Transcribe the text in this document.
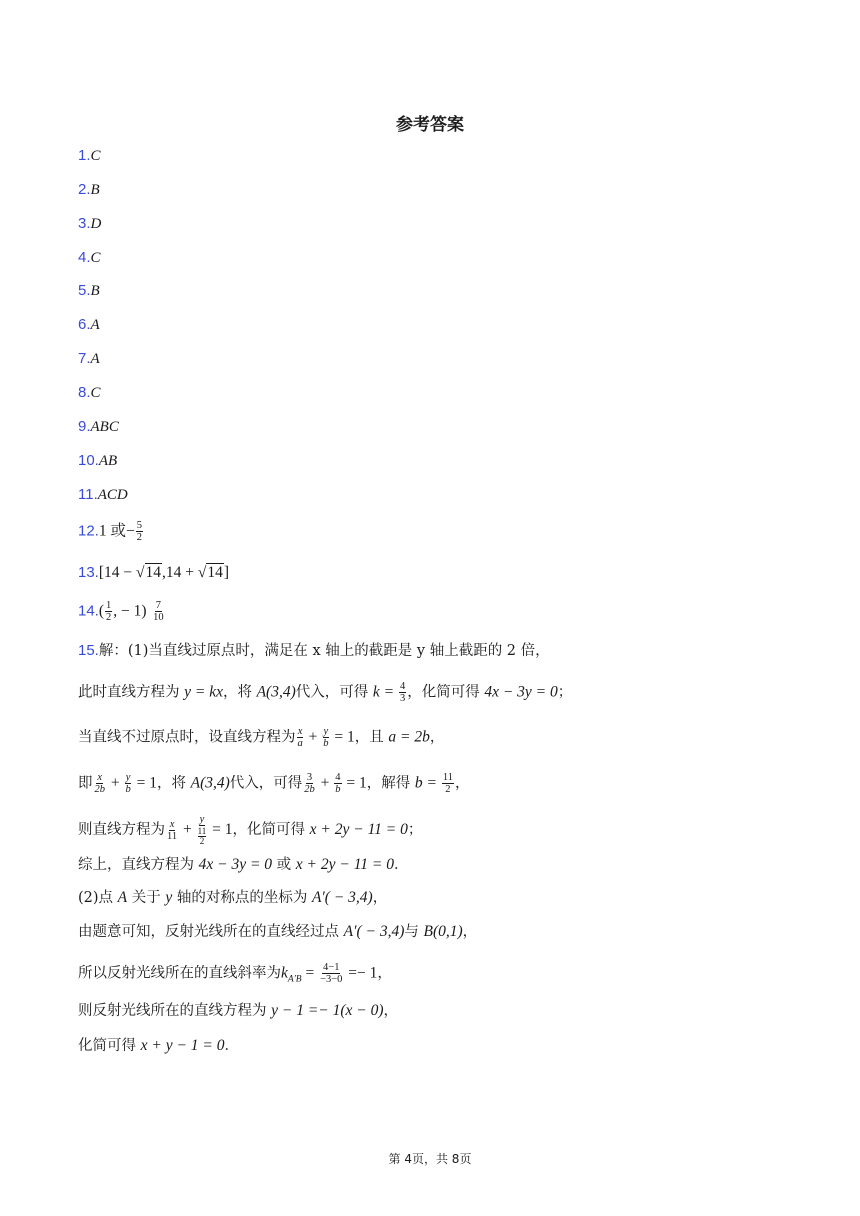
参考答案
1.C
2.B
3.D
4.C
5.B
6.A
7.A
8.C
9.ABC
10.AB
11.ACD
12.1 或− $\frac{5}{2}$
13.[14 − √14,14 + √14]
$14.( \frac{1}{2}$ , − $1) \frac{7}{10}$
15.解：(1)当直线过原点时，满足在 x 轴上的截距是 y 轴上截距的 2 倍，
此时直线方程为 y = kx，将 A(3,4)代入，可得 $k = \frac{4}{3}$ ，化简可得 4x − 3y = 0；
当直线不过原点时，设直线方程为 $\frac{x}{a} + \frac{y}{b} = 1$，且 a = 2b，
即 $\frac{x}{2b} + \frac{y}{b} = 1$，将 A(3,4)代入，可得 $\frac{3}{2b} + \frac{4}{b} = 1$，解得 $b = \frac{11}{2}$ ，
则直线方程为 $\frac{x}{11} + \frac{y}{\frac{11}{2}} = 1$，化简可得 x + 2y − 11 = 0；
综上，直线方程为 4x − 3y = 0 或 x + 2y − 11 = 0．
(2)点 A 关于 y 轴的对称点的坐标为 A′( − 3,4)，
由题意可知，反射光线所在的直线经过点 A′( − 3,4)与 B(0,1)，
所以反射光线所在的直线斜率为$k_{A'B} = \frac{4-1}{-3-0} =- 1$，
则反射光线所在的直线方程为 y − 1 =− 1(x − 0)，
化简可得 x + y − 1 = 0．
第 4页，共 8页
